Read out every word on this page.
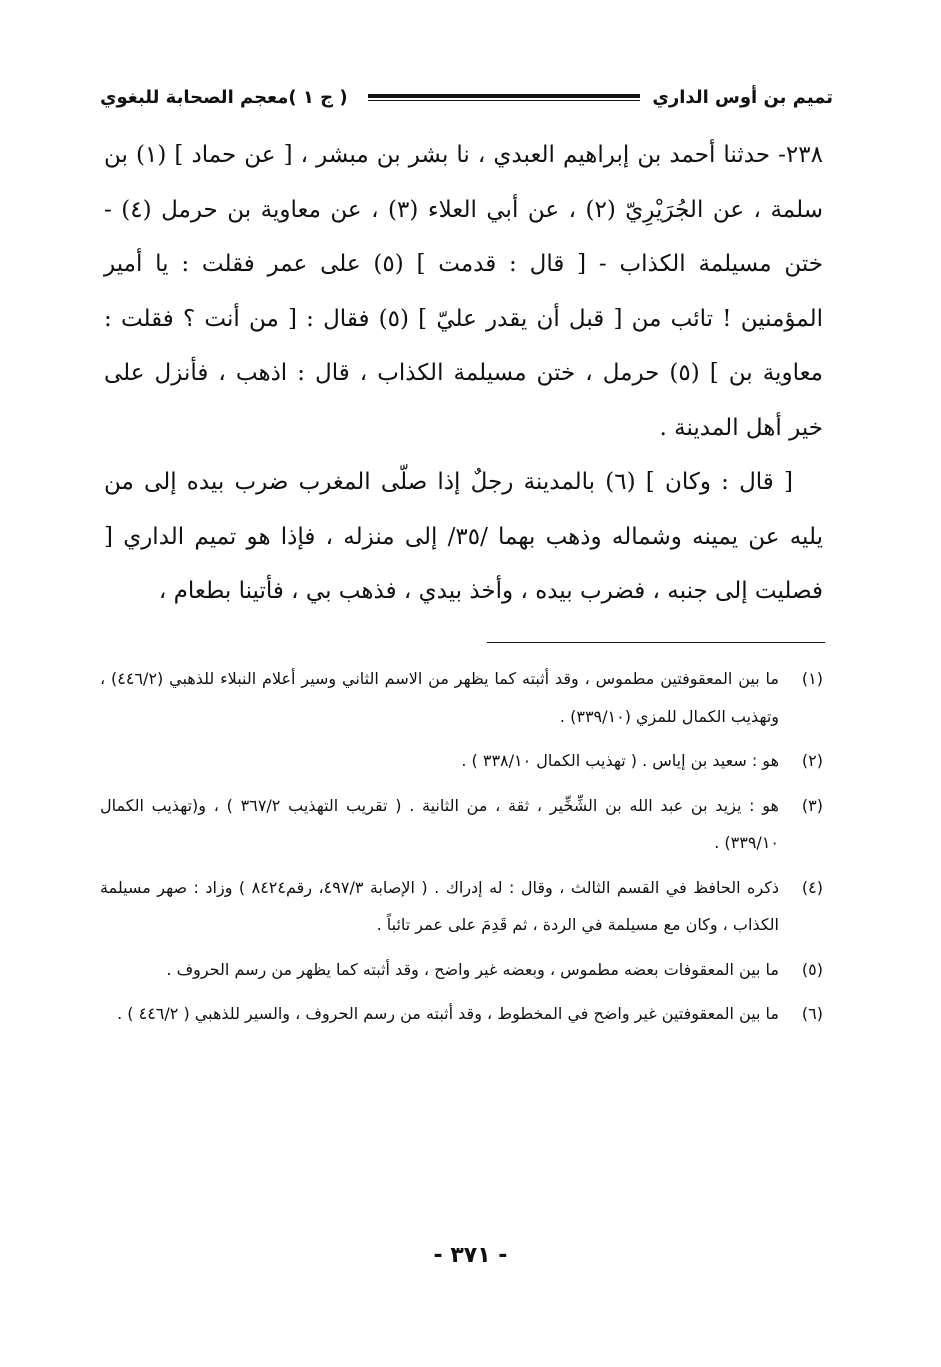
تميم بن أوس الداري
( ج ١ )
معجم الصحابة للبغوي

٢٣٨- حدثنا أحمد بن إبراهيم العبدي ، نا بشر بن مبشر ، [ عن حماد ] (١) بن سلمة ، عن الجُرَيْرِيّ (٢) ، عن أبي العلاء (٣) ، عن معاوية بن حرمل (٤) - ختن مسيلمة الكذاب - [ قال : قدمت ] (٥) على عمر فقلت : يا أمير المؤمنين ! تائب من [ قبل أن يقدر عليّ ] (٥) فقال : [ من أنت ؟ فقلت : معاوية بن ] (٥) حرمل ، ختن مسيلمة الكذاب ، قال : اذهب ، فأنزل على خير أهل المدينة .

[ قال : وكان ] (٦) بالمدينة رجلٌ إذا صلّى المغرب ضرب بيده إلى من يليه عن يمينه وشماله وذهب بهما /٣٥/ إلى منزله ، فإذا هو تميم الداري [ فصليت إلى جنبه ، فضرب بيده ، وأخذ بيدي ، فذهب بي ، فأتينا بطعام ،

(١)
ما بين المعقوفتين مطموس ، وقد أثبته كما يظهر من الاسم الثاني وسير أعلام النبلاء للذهبي (٤٤٦/٢) ، وتهذيب الكمال للمزي (٣٣٩/١٠) .
(٢)
هو : سعيد بن إياس . ( تهذيب الكمال ٣٣٨/١٠ ) .
(٣)
هو : يزيد بن عبد الله بن الشِّخِّير ، ثقة ، من الثانية . ( تقريب التهذيب ٣٦٧/٢ ) ، و(تهذيب الكمال ٣٣٩/١٠) .
(٤)
ذكره الحافظ في القسم الثالث ، وقال : له إدراك . ( الإصابة ٤٩٧/٣، رقم٨٤٢٤ ) وزاد : صهر مسيلمة الكذاب ، وكان مع مسيلمة في الردة ، ثم قَدِمَ على عمر تائباً .
(٥)
ما بين المعقوفات بعضه مطموس ، وبعضه غير واضح ، وقد أثبته كما يظهر من رسم الحروف .
(٦)
ما بين المعقوفتين غير واضح في المخطوط ، وقد أثبته من رسم الحروف ، والسير للذهبي ( ٤٤٦/٢ ) .
- ٣٧١ -
